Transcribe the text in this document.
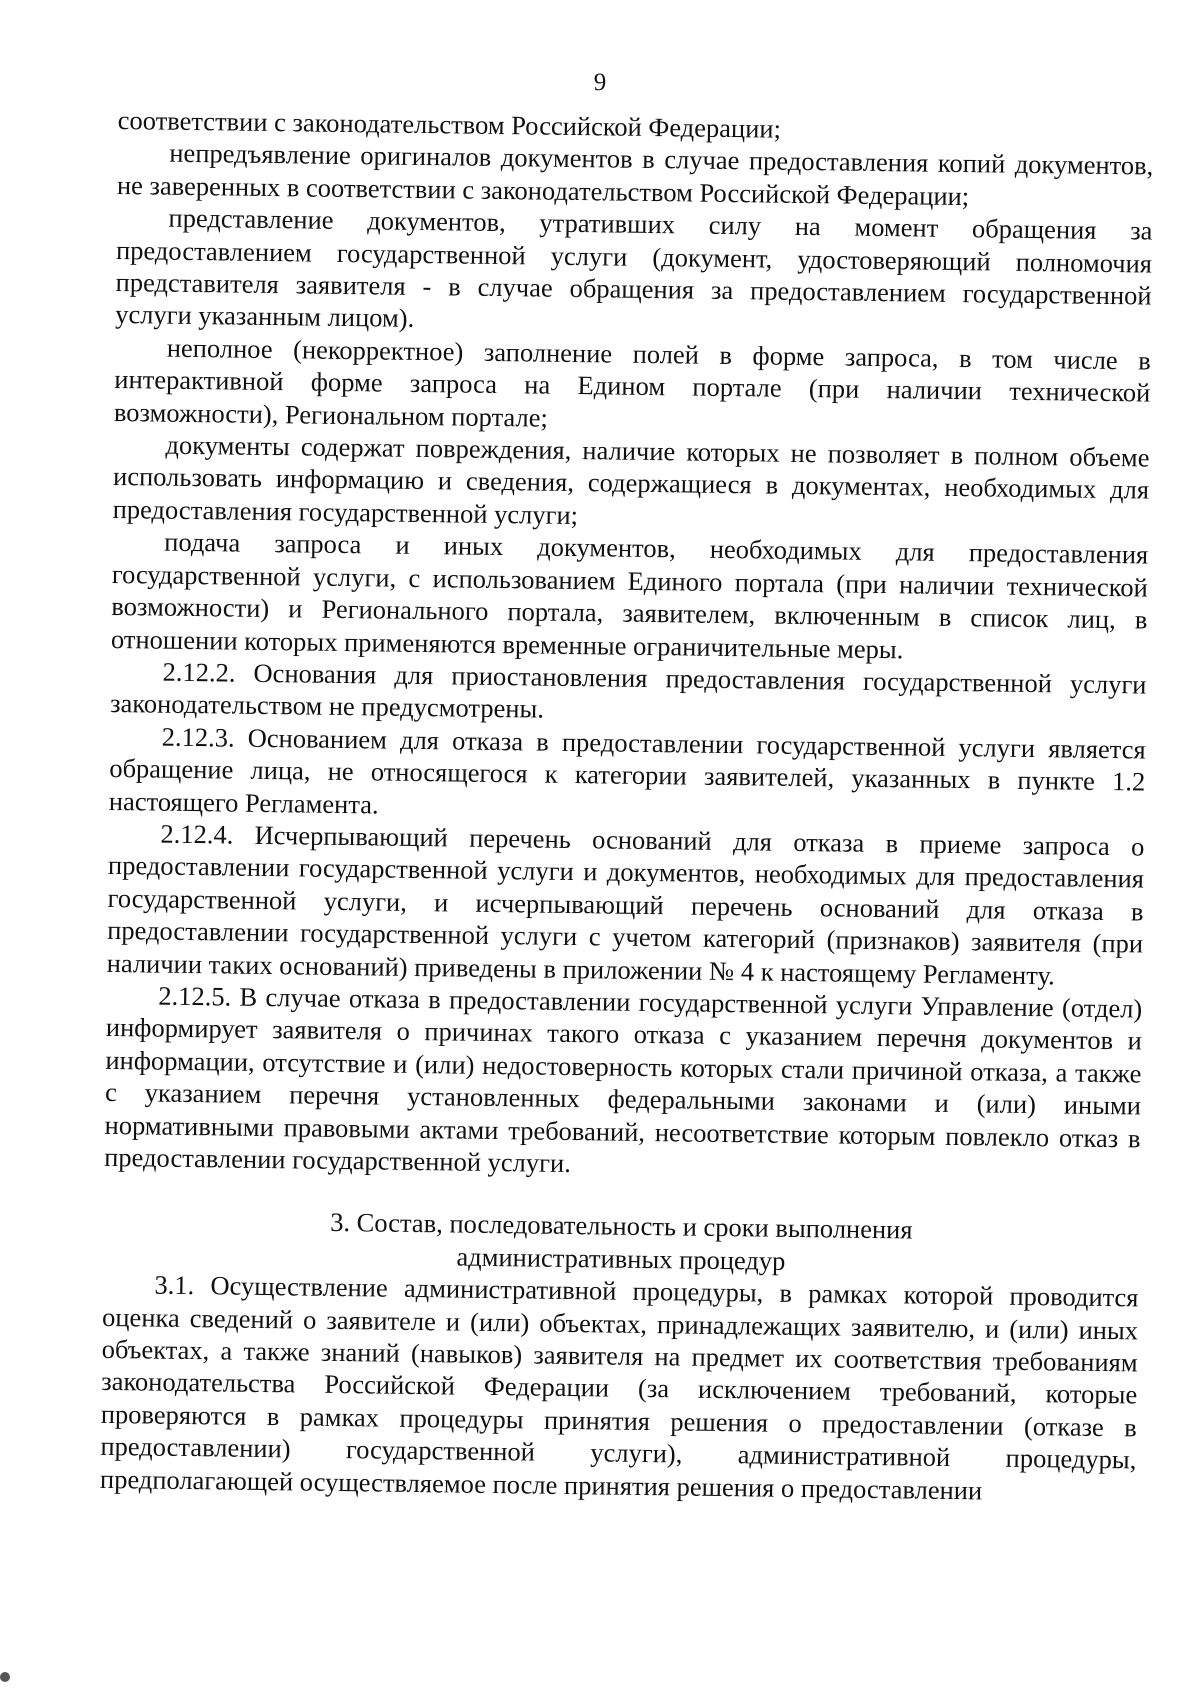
9

соответствии с законодательством Российской Федерации;

непредъявление оригиналов документов в случае предоставления копий документов, не заверенных в соответствии с законодательством Российской Федерации;

представление документов, утративших силу на момент обращения за предоставлением государственной услуги (документ, удостоверяющий полномочия представителя заявителя - в случае обращения за предоставлением государственной услуги указанным лицом).

неполное (некорректное) заполнение полей в форме запроса, в том числе в интерактивной форме запроса на Едином портале (при наличии технической возможности), Региональном портале;

документы содержат повреждения, наличие которых не позволяет в полном объеме использовать информацию и сведения, содержащиеся в документах, необходимых для предоставления государственной услуги;

подача запроса и иных документов, необходимых для предоставления государственной услуги, с использованием Единого портала (при наличии технической возможности) и Регионального портала, заявителем, включенным в список лиц, в отношении которых применяются временные ограничительные меры.

2.12.2. Основания для приостановления предоставления государственной услуги законодательством не предусмотрены.

2.12.3. Основанием для отказа в предоставлении государственной услуги является обращение лица, не относящегося к категории заявителей, указанных в пункте 1.2 настоящего Регламента.

2.12.4. Исчерпывающий перечень оснований для отказа в приеме запроса о предоставлении государственной услуги и документов, необходимых для предоставления государственной услуги, и исчерпывающий перечень оснований для отказа в предоставлении государственной услуги с учетом категорий (признаков) заявителя (при наличии таких оснований) приведены в приложении № 4 к настоящему Регламенту.

2.12.5. В случае отказа в предоставлении государственной услуги Управление (отдел) информирует заявителя о причинах такого отказа с указанием перечня документов и информации, отсутствие и (или) недостоверность которых стали причиной отказа, а также с указанием перечня установленных федеральными законами и (или) иными нормативными правовыми актами требований, несоответствие которым повлекло отказ в предоставлении государственной услуги.

3. Состав, последовательность и сроки выполнения
административных процедур

3.1. Осуществление административной процедуры, в рамках которой проводится оценка сведений о заявителе и (или) объектах, принадлежащих заявителю, и (или) иных объектах, а также знаний (навыков) заявителя на предмет их соответствия требованиям законодательства Российской Федерации (за исключением требований, которые проверяются в рамках процедуры принятия решения о предоставлении (отказе в предоставлении) государственной услуги), административной процедуры, предполагающей осуществляемое после принятия решения о предоставлении
